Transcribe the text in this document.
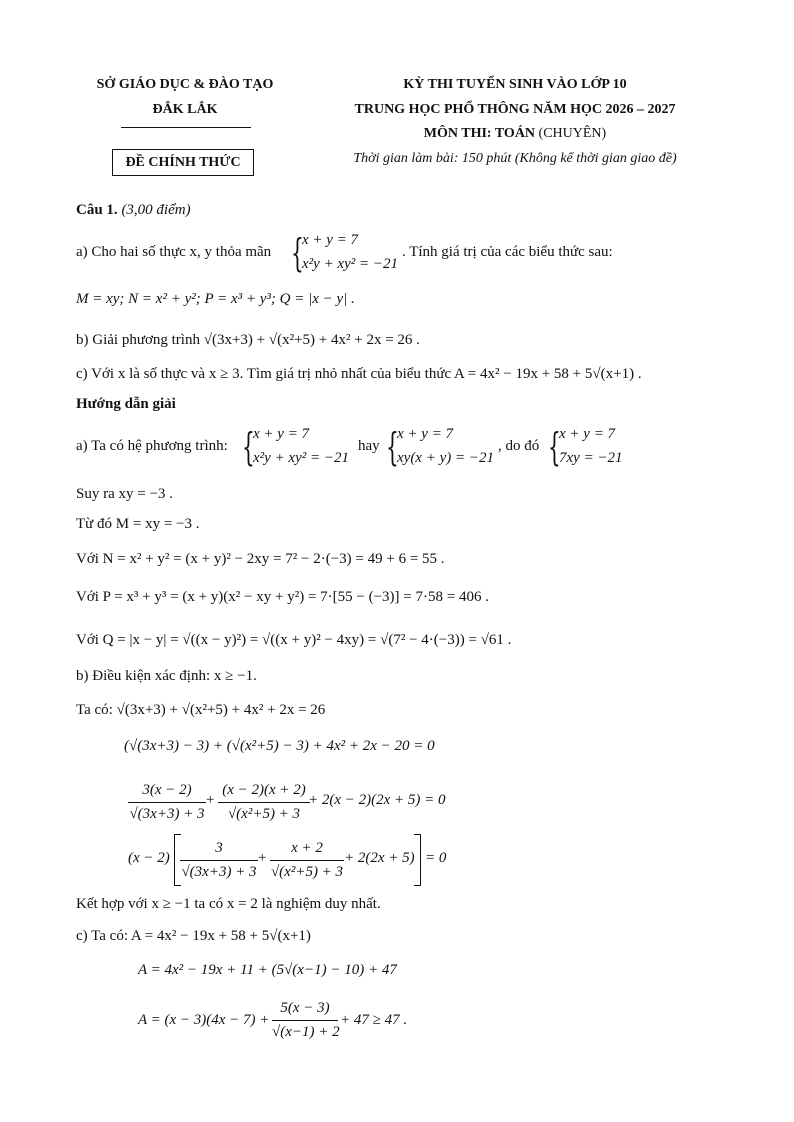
SỞ GIÁO DỤC & ĐÀO TẠO
ĐẮK LẮK
ĐỀ CHÍNH THỨC
KỲ THI TUYỂN SINH VÀO LỚP 10
TRUNG HỌC PHỔ THÔNG NĂM HỌC 2026 – 2027
MÔN THI: TOÁN (CHUYÊN)
Thời gian làm bài: 150 phút (Không kể thời gian giao đề)
Câu 1. (3,00 điểm)
a) Cho hai số thực x, y thỏa mãn {
x + y = 7
x²y + xy² = −21
. Tính giá trị của các biểu thức sau:
M = xy; N = x² + y²; P = x³ + y³; Q = |x − y| .
b) Giải phương trình √(3x+3) + √(x²+5) + 4x² + 2x = 26 .
c) Với x là số thực và x ≥ 3. Tìm giá trị nhỏ nhất của biểu thức A = 4x² − 19x + 58 + 5√(x+1) .
Hướng dẫn giải
a) Ta có hệ phương trình: {
x + y = 7
x²y + xy² = −21
hay {
x + y = 7
xy(x + y) = −21
, do đó {
x + y = 7
7xy = −21
Suy ra xy = −3 .
Từ đó M = xy = −3 .
Với N = x² + y² = (x + y)² − 2xy = 7² − 2·(−3) = 49 + 6 = 55 .
Với P = x³ + y³ = (x + y)(x² − xy + y²) = 7·[55 − (−3)] = 7·58 = 406 .
Với Q = |x − y| = √((x − y)²) = √((x + y)² − 4xy) = √(7² − 4·(−3)) = √61 .
b) Điều kiện xác định: x ≥ −1.
Ta có: √(3x+3) + √(x²+5) + 4x² + 2x = 26
(√(3x+3) − 3) + (√(x²+5) − 3) + 4x² + 2x − 20 = 0
3(x − 2)
√(3x+3) + 3
+
(x − 2)(x + 2)
√(x²+5) + 3
+ 2(x − 2)(2x + 5) = 0
(x − 2)
3
√(3x+3) + 3
+
x + 2
√(x²+5) + 3
+ 2(2x + 5) = 0
Kết hợp với x ≥ −1 ta có x = 2 là nghiệm duy nhất.
c) Ta có: A = 4x² − 19x + 58 + 5√(x+1)
A = 4x² − 19x + 11 + (5√(x−1) − 10) + 47
A = (x − 3)(4x − 7) +
5(x − 3)
√(x−1) + 2
+ 47 ≥ 47 .
